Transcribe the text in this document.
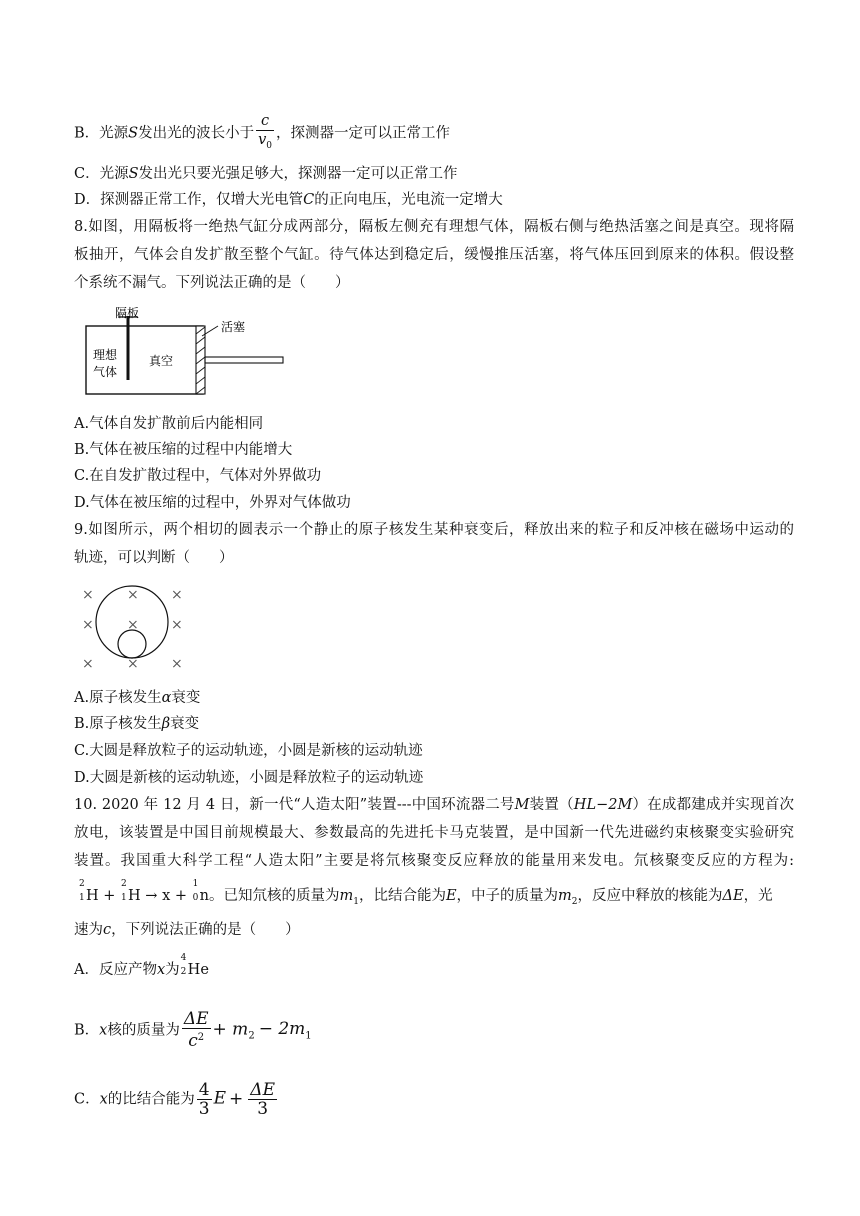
B．光源S发出光的波长小于 $\frac{c}{v_0}$ ，探测器一定可以正常工作
C．光源S发出光只要光强足够大，探测器一定可以正常工作
D．探测器正常工作，仅增大光电管C的正向电压，光电流一定增大
8.如图，用隔板将一绝热气缸分成两部分，隔板左侧充有理想气体，隔板右侧与绝热活塞之间是真空。现将隔
板抽开，气体会自发扩散至整个气缸。待气体达到稳定后，缓慢推压活塞，将气体压回到原来的体积。假设整
个系统不漏气。下列说法正确的是（　　）
隔板
活塞
理想
气体
真空
A.气体自发扩散前后内能相同
B.气体在被压缩的过程中内能增大
C.在自发扩散过程中，气体对外界做功
D.气体在被压缩的过程中，外界对气体做功
9.如图所示，两个相切的圆表示一个静止的原子核发生某种衰变后，释放出来的粒子和反冲核在磁场中运动的
轨迹，可以判断（　　）
× × ×
× × ×
× × ×
A.原子核发生α衰变
B.原子核发生β衰变
C.大圆是释放粒子的运动轨迹，小圆是新核的运动轨迹
D.大圆是新核的运动轨迹，小圆是释放粒子的运动轨迹
10. 2020 年 12 月 4 日，新一代“人造太阳”装置---中国环流器二号M装置（HL−2M）在成都建成并实现首次
放电，该装置是中国目前规模最大、参数最高的先进托卡马克装置，是中国新一代先进磁约束核聚变实验研究
装置。我国重大科学工程“人造太阳”主要是将氘核聚变反应释放的能量用来发电。氘核聚变反应的方程为:
2
1 H +
2
1 H → x +
1
0 n。已知氘核的质量为$m_1$，比结合能为E，中子的质量为$m_2$，反应中释放的核能为ΔE，光
速为c，下列说法正确的是（　　）
A．反应产物x为
4
2 He
B．x核的质量为 $\frac{\Delta E}{c^2} + m_2 - 2m_1$
C．x的比结合能为 $\frac{4}{3}$ $E + \frac{\Delta E}{3}$
